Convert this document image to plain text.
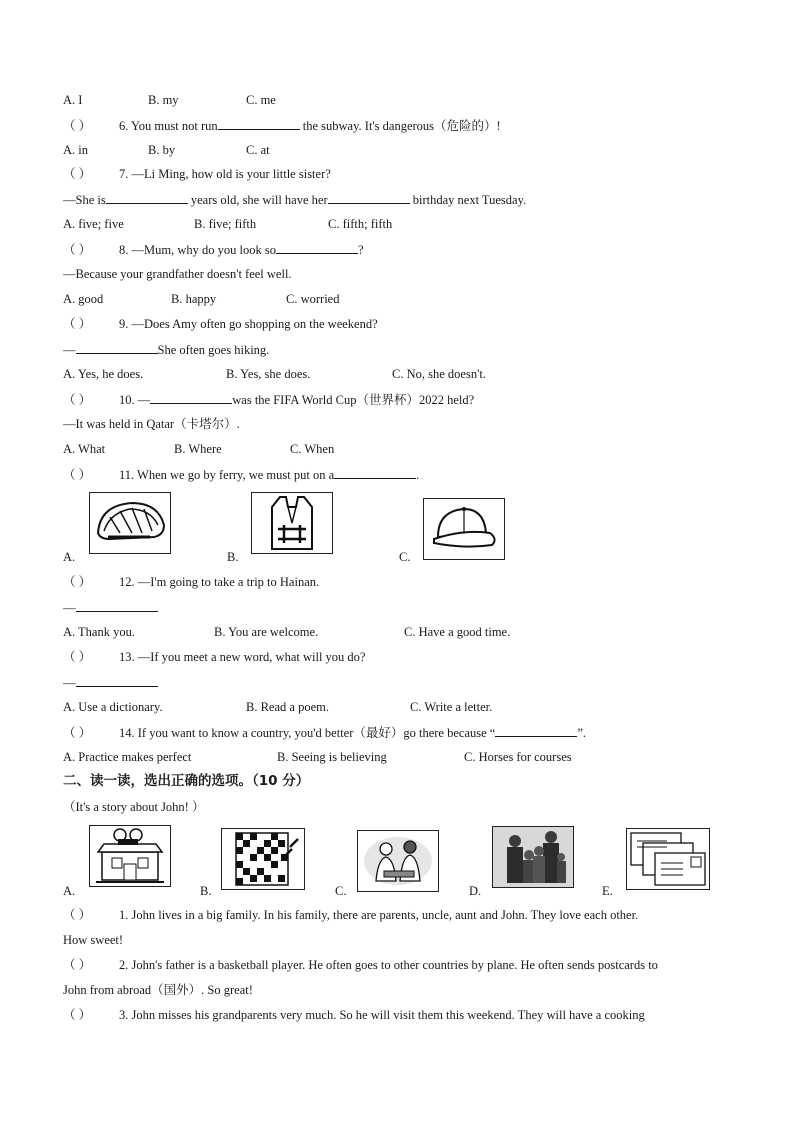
A. I	B. my	C. me
（ ） 6. You must not run	the subway. It's dangerous（危险的）!
A. in	B. by	C. at
（ ） 7. —Li Ming, how old is your little sister?
—She is	years old, she will have her	birthday next Tuesday.
A. five; five	B. five; fifth	C. fifth; fifth
（ ） 8. —Mum, why do you look so	?
—Because your grandfather doesn't feel well.
A. good	B. happy	C. worried
（ ） 9. —Does Amy often go shopping on the weekend?
—	She often goes hiking.
A. Yes, he does.	B. Yes, she does.	C. No, she doesn't.
（ ） 10. —	was the FIFA World Cup（世界杯）2022 held?
—It was held in Qatar（卡塔尔）.
A. What	B. Where	C. When
（ ） 11. When we go by ferry, we must put on a	.
A.	B.	C.
（ ） 12. —I'm going to take a trip to Hainan.
—
A. Thank you.	B. You are welcome.	C. Have a good time.
（ ） 13. —If you meet a new word, what will you do?
—
A. Use a dictionary.	B. Read a poem.	C. Write a letter.
（ ） 14. If you want to know a country, you'd better（最好）go there because “	”.
A. Practice makes perfect	B. Seeing is believing	C. Horses for courses
二、读一读，选出正确的选项。（10 分）
（It's a story about John! ）
A.	B.	C.	D.	E.
（ ） 1. John lives in a big family. In his family, there are parents, uncle, aunt and John. They love each other.
How sweet!
（ ） 2. John's father is a basketball player. He often goes to other countries by plane. He often sends postcards to
John from abroad（国外）. So great!
（ ） 3. John misses his grandparents very much. So he will visit them this weekend. They will have a cooking
